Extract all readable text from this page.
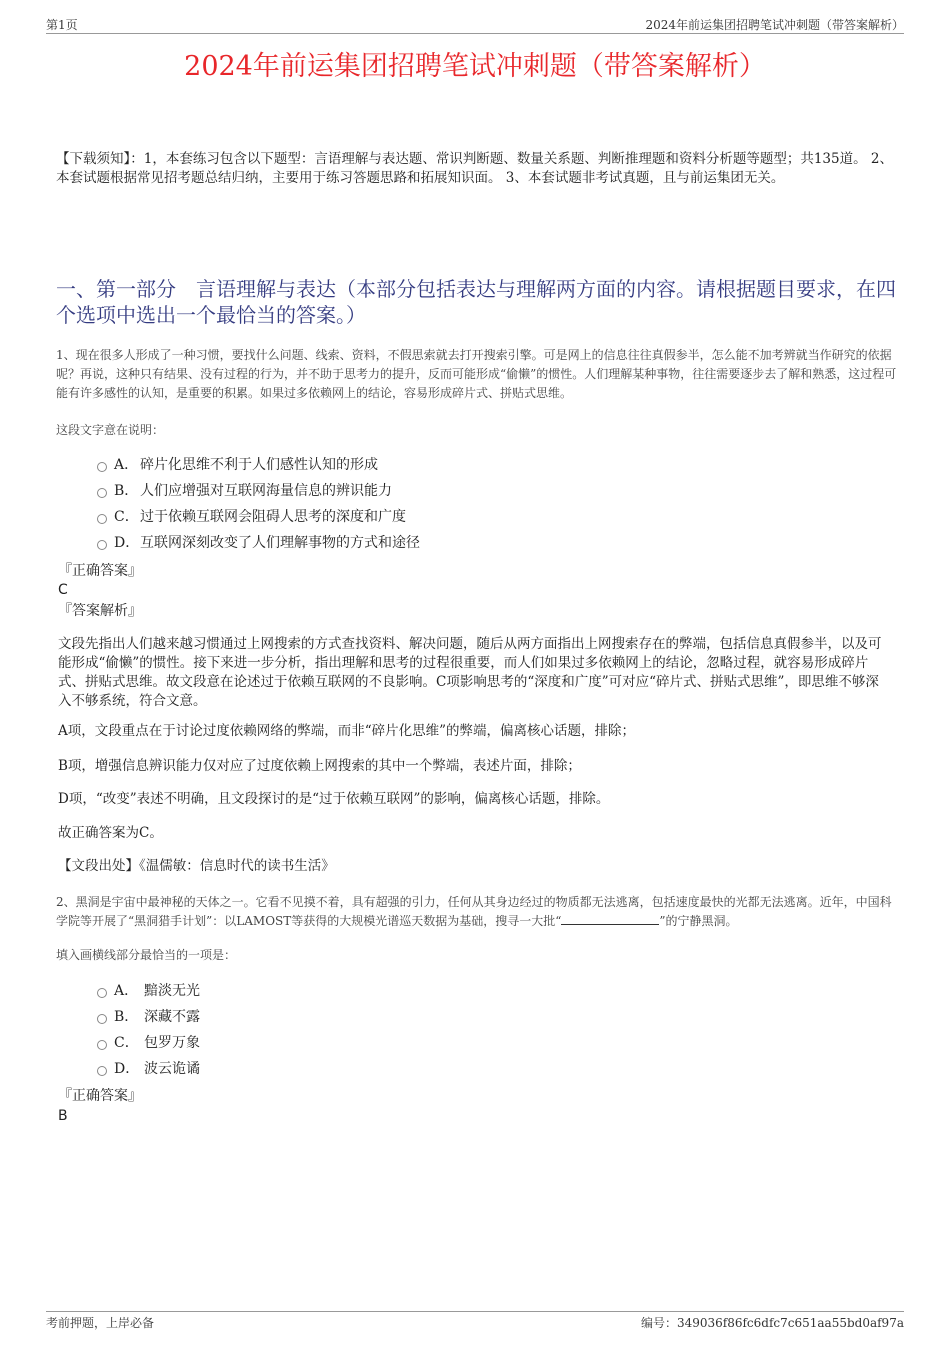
第1页	2024年前运集团招聘笔试冲刺题（带答案解析）
2024年前运集团招聘笔试冲刺题（带答案解析）

【下载须知】：1，本套练习包含以下题型：言语理解与表达题、常识判断题、数量关系题、判断推理题和资料分析题等题型；共135道。 2、本套试题根据常见招考题总结归纳，主要用于练习答题思路和拓展知识面。 3、本套试题非考试真题，且与前运集团无关。

一、第一部分　言语理解与表达（本部分包括表达与理解两方面的内容。请根据题目要求，在四个选项中选出一个最恰当的答案。）

1、现在很多人形成了一种习惯，要找什么问题、线索、资料，不假思索就去打开搜索引擎。可是网上的信息往往真假参半，怎么能不加考辨就当作研究的依据呢？再说，这种只有结果、没有过程的行为，并不助于思考力的提升，反而可能形成“偷懒”的惯性。人们理解某种事物，往往需要逐步去了解和熟悉，这过程可能有许多感性的认知，是重要的积累。如果过多依赖网上的结论，容易形成碎片式、拼贴式思维。

这段文字意在说明：

A． 碎片化思维不利于人们感性认知的形成
B． 人们应增强对互联网海量信息的辨识能力
C． 过于依赖互联网会阻碍人思考的深度和广度
D． 互联网深刻改变了人们理解事物的方式和途径
『正确答案』
C
『答案解析』

文段先指出人们越来越习惯通过上网搜索的方式查找资料、解决问题，随后从两方面指出上网搜索存在的弊端，包括信息真假参半，以及可能形成“偷懒”的惯性。接下来进一步分析，指出理解和思考的过程很重要，而人们如果过多依赖网上的结论，忽略过程，就容易形成碎片式、拼贴式思维。故文段意在论述过于依赖互联网的不良影响。C项影响思考的“深度和广度”可对应“碎片式、拼贴式思维”，即思维不够深入不够系统，符合文意。

A项，文段重点在于讨论过度依赖网络的弊端，而非“碎片化思维”的弊端，偏离核心话题，排除；

B项，增强信息辨识能力仅对应了过度依赖上网搜索的其中一个弊端，表述片面，排除；

D项，“改变”表述不明确，且文段探讨的是“过于依赖互联网”的影响，偏离核心话题，排除。

故正确答案为C。

【文段出处】《温儒敏：信息时代的读书生活》

2、黑洞是宇宙中最神秘的天体之一。它看不见摸不着，具有超强的引力，任何从其身边经过的物质都无法逃离，包括速度最快的光都无法逃离。近年，中国科学院等开展了“黑洞猎手计划”：以LAMOST等获得的大规模光谱巡天数据为基础，搜寻一大批“	”的宁静黑洞。

填入画横线部分最恰当的一项是：

A． 黯淡无光
B． 深藏不露
C． 包罗万象
D． 波云诡谲
『正确答案』
B
考前押题，上岸必备	编号：349036f86fc6dfc7c651aa55bd0af97a
